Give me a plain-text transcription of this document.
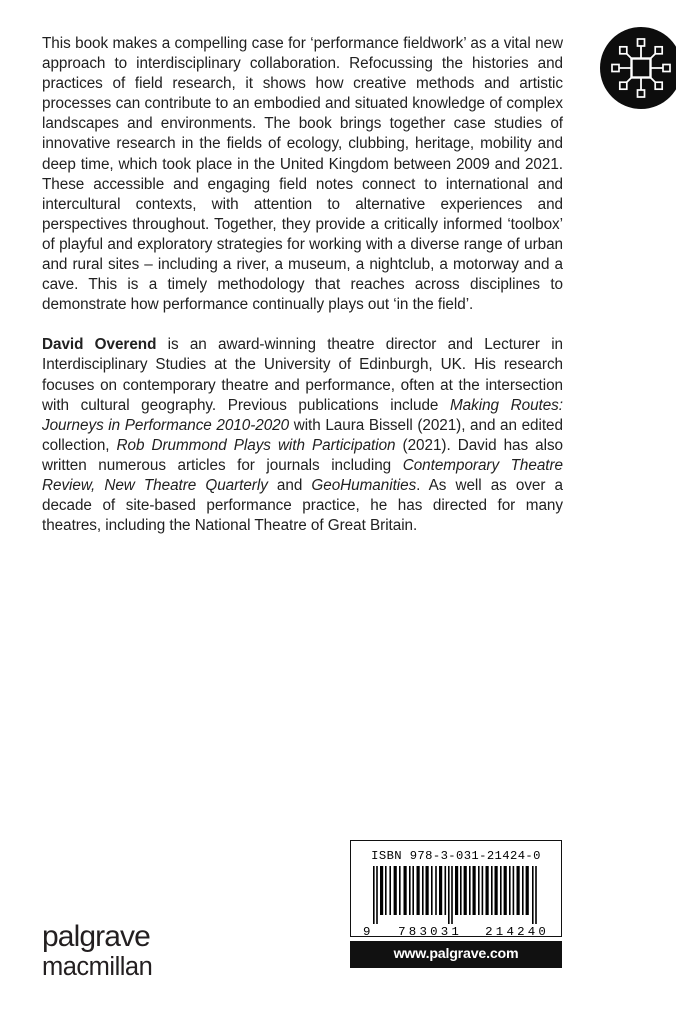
This book makes a compelling case for ‘performance fieldwork’ as a vital new approach to interdisciplinary collaboration. Refocussing the histories and practices of field research, it shows how creative methods and artistic processes can contribute to an embodied and situated knowledge of complex landscapes and environments. The book brings together case studies of innovative research in the fields of ecology, clubbing, heritage, mobility and deep time, which took place in the United Kingdom between 2009 and 2021. These accessible and engaging field notes connect to international and intercultural contexts, with attention to alternative experiences and perspectives throughout. Together, they provide a critically informed ‘toolbox’ of playful and exploratory strategies for working with a diverse range of urban and rural sites – including a river, a museum, a nightclub, a motorway and a cave. This is a timely methodology that reaches across disciplines to demonstrate how performance continually plays out ‘in the field’.

David Overend is an award-winning theatre director and Lecturer in Interdisciplinary Studies at the University of Edinburgh, UK. His research focuses on contemporary theatre and performance, often at the intersection with cultural geography. Previous publications include Making Routes: Journeys in Performance 2010-2020 with Laura Bissell (2021), and an edited collection, Rob Drummond Plays with Participation (2021). David has also written numerous articles for journals including Contemporary Theatre Review, New Theatre Quarterly and GeoHumanities. As well as over a decade of site-based performance practice, he has directed for many theatres, including the National Theatre of Great Britain.

palgrave
macmillan
ISBN 978-3-031-21424-0
9	783031 214240
www.palgrave.com
